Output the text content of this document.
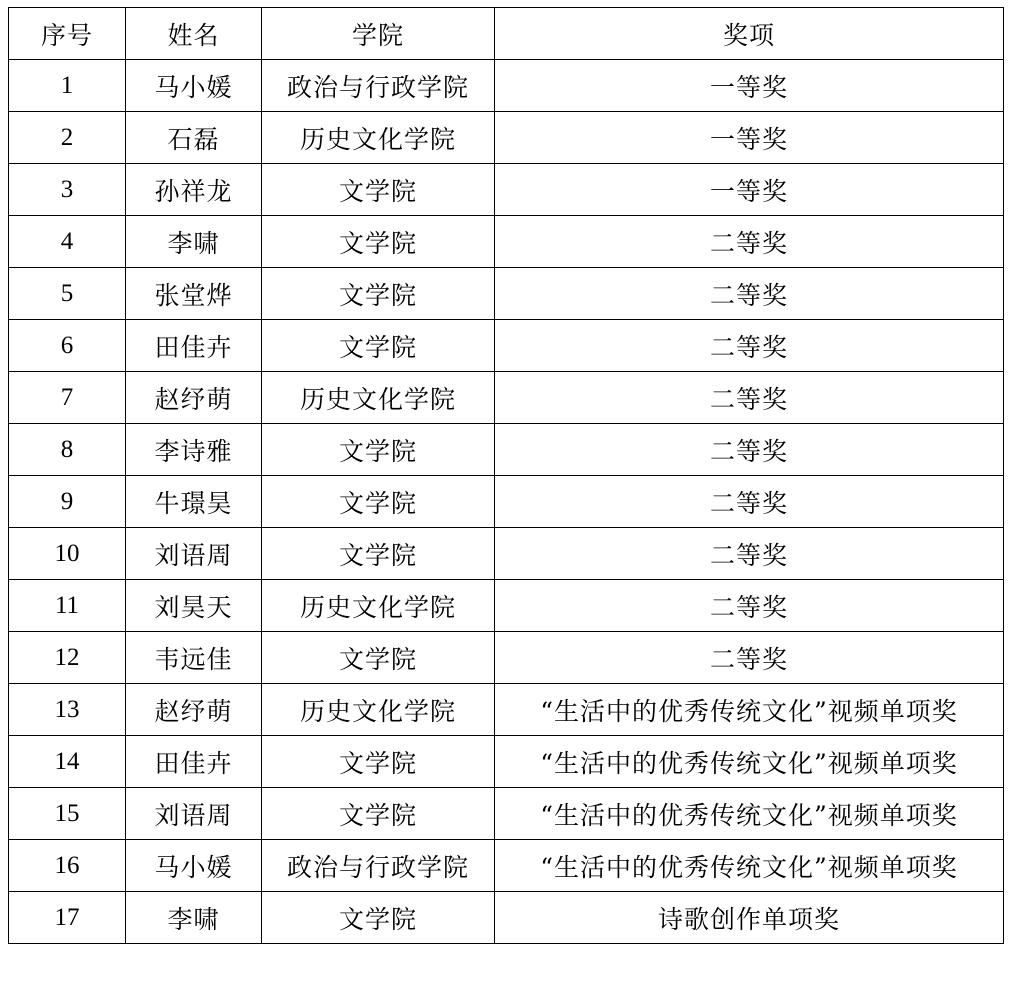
序号	姓名	学院	奖项
1	马小媛	政治与行政学院	一等奖
2	石磊	历史文化学院	一等奖
3	孙祥龙	文学院	一等奖
4	李啸	文学院	二等奖
5	张堂烨	文学院	二等奖
6	田佳卉	文学院	二等奖
7	赵纾萌	历史文化学院	二等奖
8	李诗雅	文学院	二等奖
9	牛璟昊	文学院	二等奖
10	刘语周	文学院	二等奖
11	刘昊天	历史文化学院	二等奖
12	韦远佳	文学院	二等奖
13	赵纾萌	历史文化学院	“生活中的优秀传统文化”视频单项奖
14	田佳卉	文学院	“生活中的优秀传统文化”视频单项奖
15	刘语周	文学院	“生活中的优秀传统文化”视频单项奖
16	马小媛	政治与行政学院	“生活中的优秀传统文化”视频单项奖
17	李啸	文学院	诗歌创作单项奖
